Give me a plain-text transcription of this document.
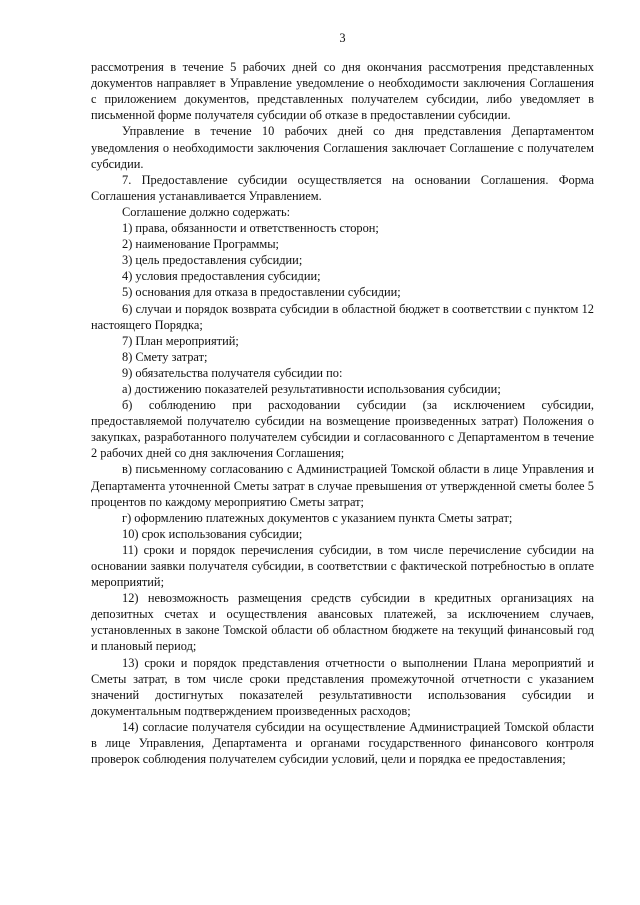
3

рассмотрения в течение 5 рабочих дней со дня окончания рассмотрения представленных документов направляет в Управление уведомление о необходимости заключения Соглашения с приложением документов, представленных получателем субсидии, либо уведомляет в письменной форме получателя субсидии об отказе в предоставлении субсидии.

Управление в течение 10 рабочих дней со дня представления Департаментом уведомления о необходимости заключения Соглашения заключает Соглашение с получателем субсидии.

7. Предоставление субсидии осуществляется на основании Соглашения. Форма Соглашения устанавливается Управлением.

Соглашение должно содержать:

1) права, обязанности и ответственность сторон;

2) наименование Программы;

3) цель предоставления субсидии;

4) условия предоставления субсидии;

5) основания для отказа в предоставлении субсидии;

6) случаи и порядок возврата субсидии в областной бюджет в соответствии с пунктом 12 настоящего Порядка;

7) План мероприятий;

8) Смету затрат;

9) обязательства получателя субсидии по:

а) достижению показателей результативности использования субсидии;

б) соблюдению при расходовании субсидии (за исключением субсидии, предоставляемой получателю субсидии на возмещение произведенных затрат) Положения о закупках, разработанного получателем субсидии и согласованного с Департаментом в течение 2 рабочих дней со дня заключения Соглашения;

в) письменному согласованию с Администрацией Томской области в лице Управления и Департамента уточненной Сметы затрат в случае превышения от утвержденной сметы более 5 процентов по каждому мероприятию Сметы затрат;

г) оформлению платежных документов с указанием пункта Сметы затрат;

10) срок использования субсидии;

11) сроки и порядок перечисления субсидии, в том числе перечисление субсидии на основании заявки получателя субсидии, в соответствии с фактической потребностью в оплате мероприятий;

12) невозможность размещения средств субсидии в кредитных организациях на депозитных счетах и осуществления авансовых платежей, за исключением случаев, установленных в законе Томской области об областном бюджете на текущий финансовый год и плановый период;

13) сроки и порядок представления отчетности о выполнении Плана мероприятий и Сметы затрат, в том числе сроки представления промежуточной отчетности с указанием значений достигнутых показателей результативности использования субсидии и документальным подтверждением произведенных расходов;

14) согласие получателя субсидии на осуществление Администрацией Томской области в лице Управления, Департамента и органами государственного финансового контроля проверок соблюдения получателем субсидии условий, цели и порядка ее предоставления;
